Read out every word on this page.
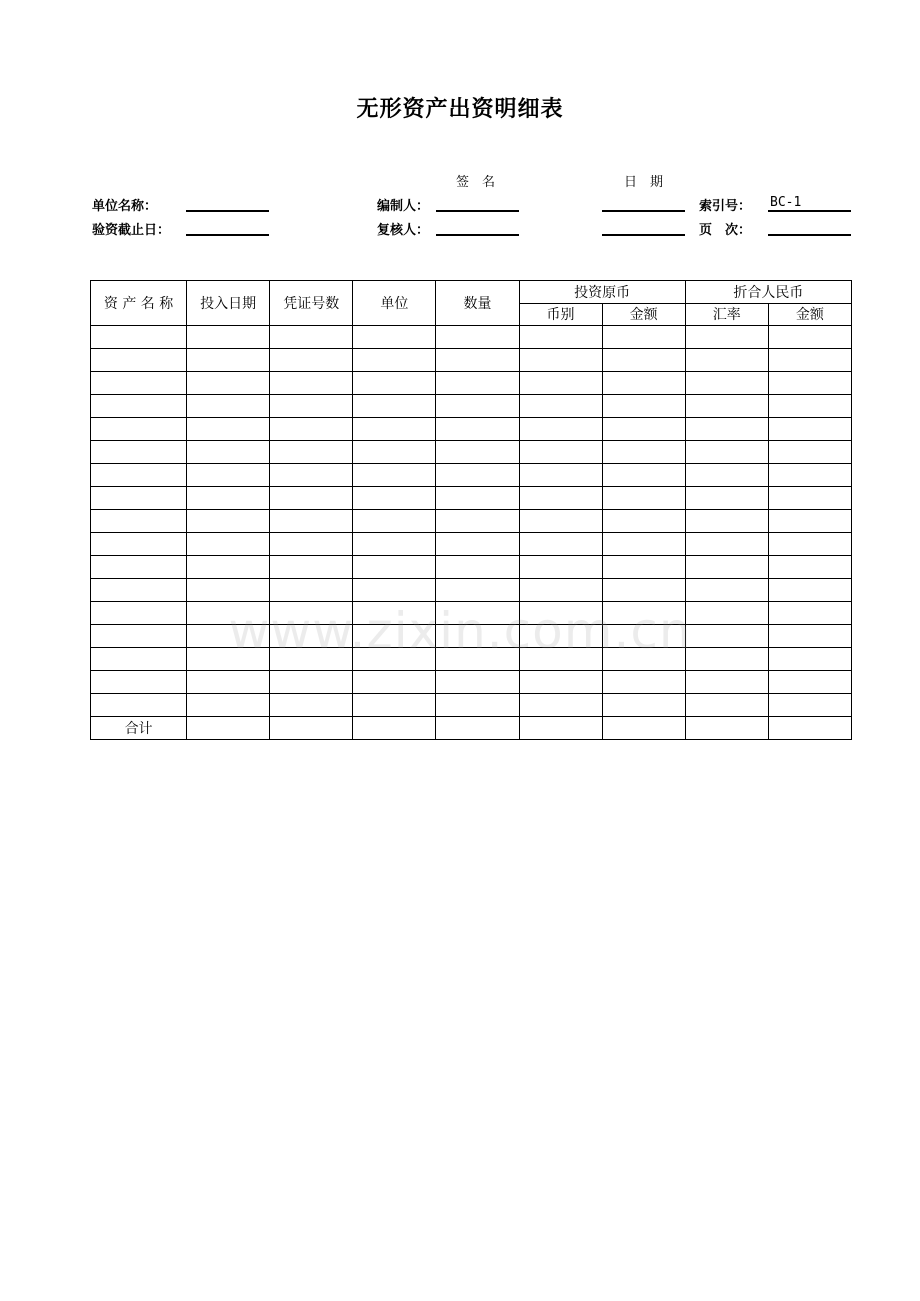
无形资产出资明细表
签　名	日　期
单位名称：	编制人：	索引号： BC-1
验资截止日：	复核人：	页　次：
资 产 名 称	投入日期	凭证号数	单位	数量	投资原币		折合人民币	
					币别	金额	汇率	金额

合计								
www.zixin.com.cn
